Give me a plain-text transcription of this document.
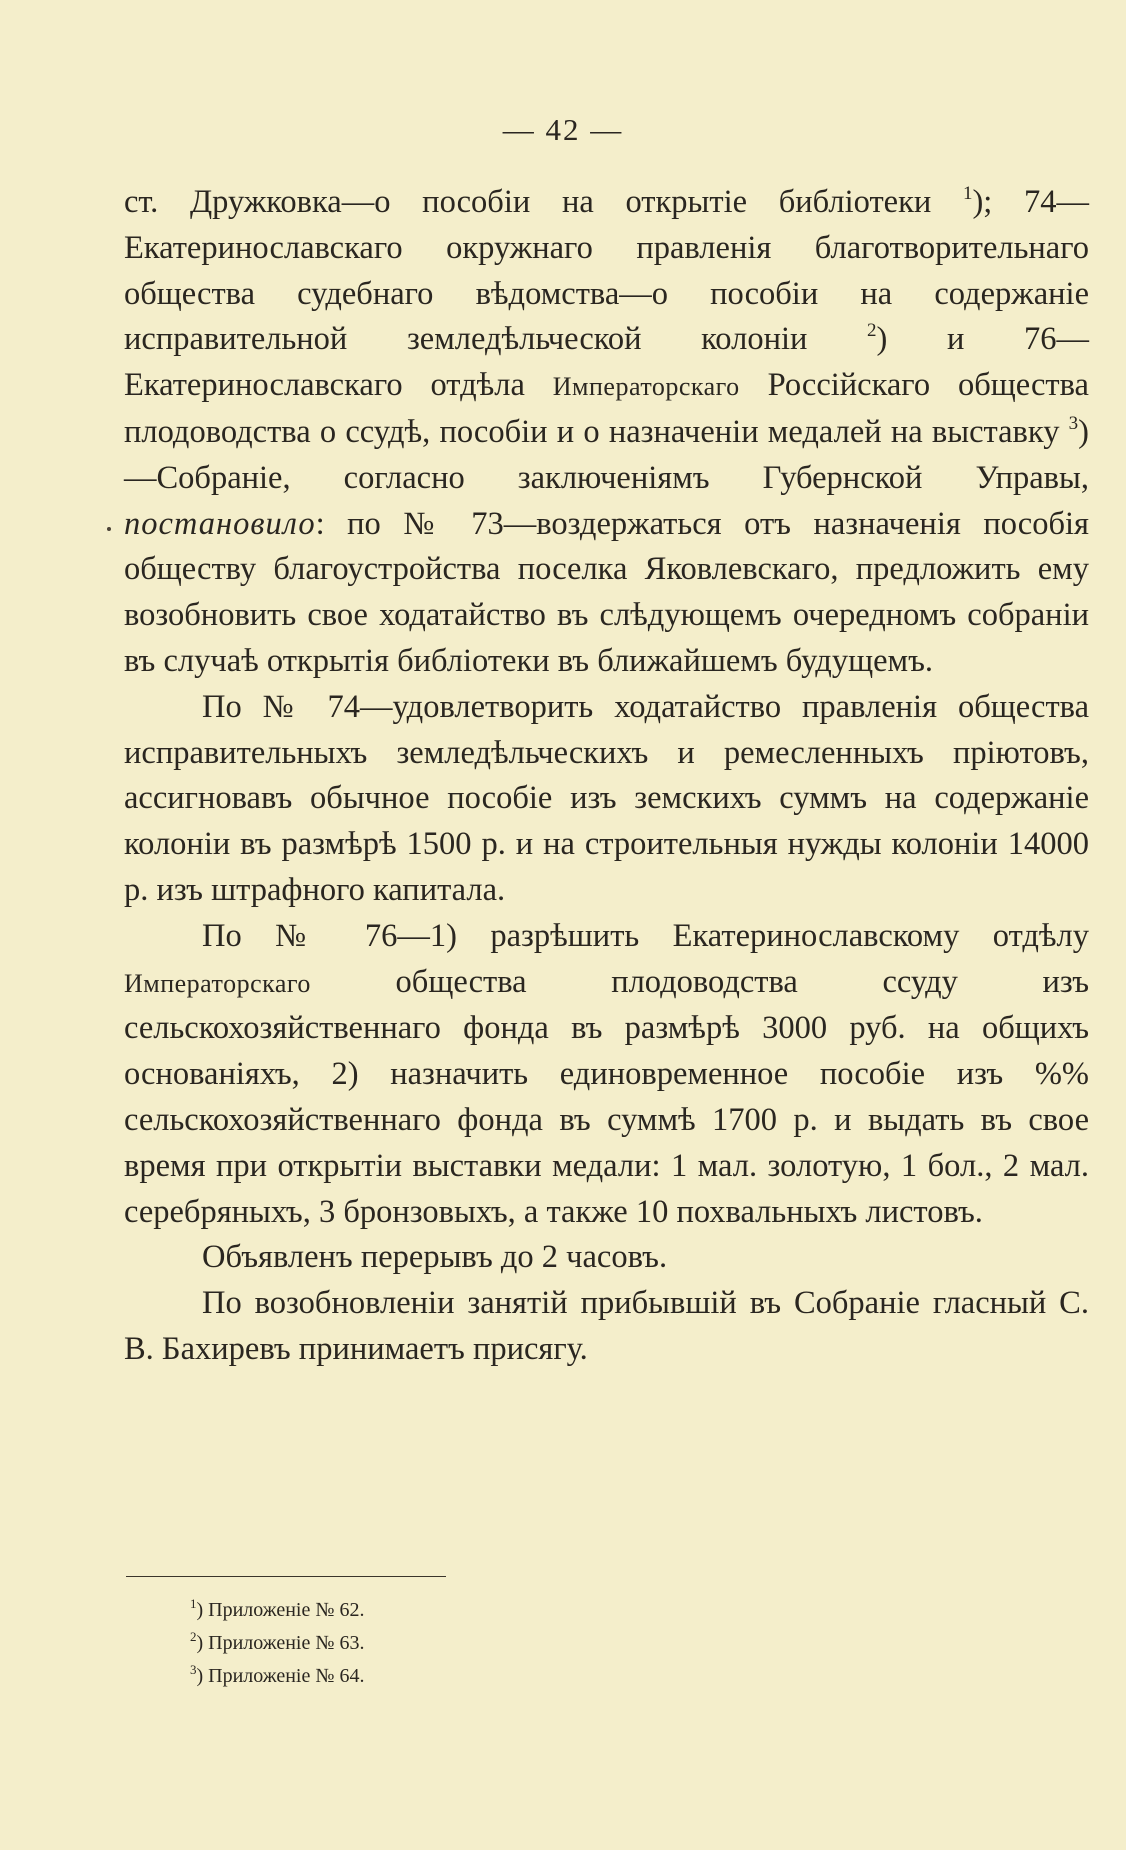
— 42 —

ст. Дружковка—о пособіи на открытіе библіотеки $^1$); 74—Екатеринославскаго окружнаго правленія благотворительнаго общества судебнаго вѣдомства—о пособіи на содержаніе исправительной земледѣльческой колоніи $^2$) и 76—Екатеринославскаго отдѣла Императорскаго Россійскаго общества плодоводства о ссудѣ, пособіи и о назначеніи медалей на выставку $^3$)—Собраніе, согласно заключеніямъ Губернской Управы, постановило: по № 73—воздержаться отъ назначенія пособія обществу благоустройства поселка Яковлевскаго, предложить ему возобновить свое ходатайство въ слѣдующемъ очередномъ собраніи въ случаѣ открытія библіотеки въ ближайшемъ будущемъ.

По № 74—удовлетворить ходатайство правленія общества исправительныхъ земледѣльческихъ и ремесленныхъ пріютовъ, ассигновавъ обычное пособіе изъ земскихъ суммъ на содержаніе колоніи въ размѣрѣ 1500 р. и на строительныя нужды колоніи 14000 р. изъ штрафного капитала.

По № 76—1) разрѣшить Екатеринославскому отдѣлу Императорскаго общества плодоводства ссуду изъ сельскохозяйственнаго фонда въ размѣрѣ 3000 руб. на общихъ основаніяхъ, 2) назначить единовременное пособіе изъ %% сельскохозяйственнаго фонда въ суммѣ 1700 р. и выдать въ свое время при открытіи выставки медали: 1 мал. золотую, 1 бол., 2 мал. серебряныхъ, 3 бронзовыхъ, а также 10 похвальныхъ листовъ.

Объявленъ перерывъ до 2 часовъ.

По возобновленіи занятій прибывшій въ Собраніе гласный С. В. Бахиревъ принимаетъ присягу.

$^1$) Приложеніе № 62.
$^2$) Приложеніе № 63.
$^3$) Приложеніе № 64.
